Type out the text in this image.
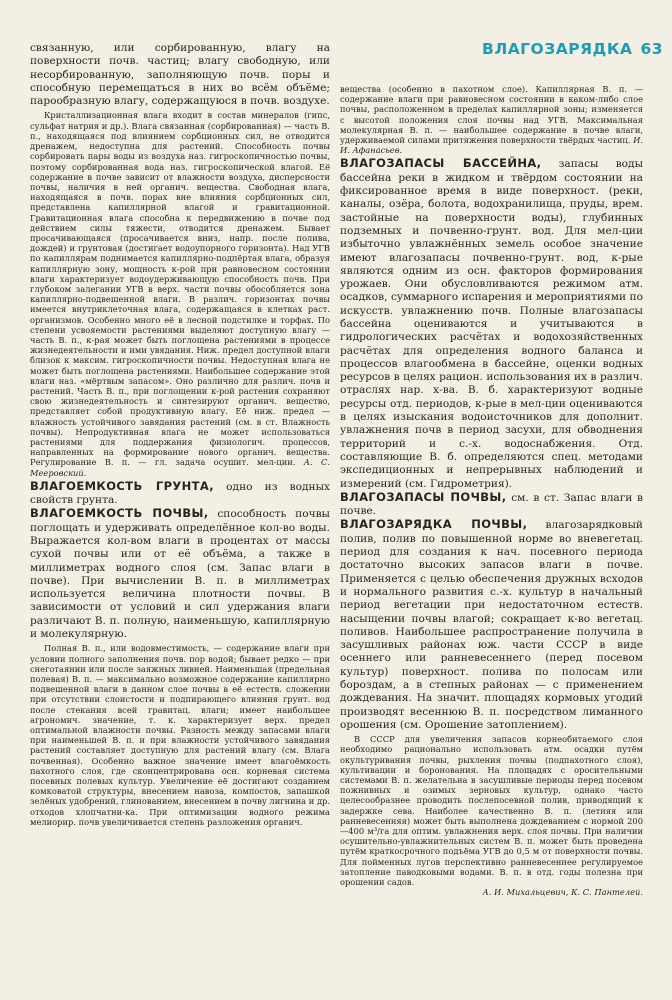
ВЛАГОЗАРЯДКА 63

связанную, или сорбированную, влагу на поверхности почв. частиц; влагу свободную, или несорбированную, заполняющую почв. поры и способную перемещаться в них во всём объёме; парообразную влагу, содержащуюся в почв. воздухе.

Кристаллизационная влага входит в состав минералов (гипс, сульфат натрия и др.). Влага связанная (сорбированная) — часть В. п., находящаяся под влиянием сорбционных сил, не отводится дренажем, недоступна для растений. Способность почвы сорбировать пары воды из воздуха наз. гигроскопичностью почвы, поэтому сорбированная вода наз. гигроскопической влагой. Её содержание в почве зависит от влажности воздуха, дисперсности почвы, наличия в ней органич. вещества. Свободная влага, находящаяся в почв. порах вне влияния сорбционных сил, представлена капиллярной влагой и гравитационной. Гравитационная влага способна к передвижению в почве под действием силы тяжести, отводится дренажем. Бывает просачивающаяся (просачивается вниз, напр. после полива, дождей) и грунтовая (достигает водоупорного горизонта). Над УГВ по капиллярам поднимается капиллярно-подпёртая влага, образуя капиллярную зону, мощность к-рой при равновесном состоянии влаги характеризует водоудерживающую способность почв. При глубоком залегании УГВ в верх. части почвы обособляется зона капиллярно-подвешенной влаги. В различ. горизонтах почвы имеется внутриклеточная влага, содержащаяся в клетках раст. организмов. Особенно много её в лесной подстилке и торфах. По степени усвояемости растениями выделяют доступную влагу — часть В. п., к-рая может быть поглощена растениями в процессе жизнедеятельности и ими увядания. Ниж. предел доступной влаги близок к максим. гигроскопичности почвы. Недоступная влага не может быть поглощена растениями. Наибольшее содержание этой влаги наз. «мёртвым запасом». Оно различно для различ. почв и растений. Часть В. п., при поглощении к-рой растения сохраняют свою жизнедеятельность и синтезируют органич. вещество, представляет собой продуктивную влагу. Её ниж. предел — влажность устойчивого завядания растений (см. в ст. Влажность почвы). Непродуктивная влага не может использоваться растениями для поддержания физиологич. процессов, направленных на формирование нового органич. вещества. Регулирование В. п. — гл. задача осушит. мел-ции. А. С. Мееровский.

ВЛАГОЕМКОСТЬ ГРУНТА, одно из водных свойств грунта.

ВЛАГОЕМКОСТЬ ПОЧВЫ, способность почвы поглощать и удерживать определённое кол-во воды. Выражается кол-вом влаги в процентах от массы сухой почвы или от её объёма, а также в миллиметрах водного слоя (см. Запас влаги в почве). При вычислении В. п. в миллиметрах используется величина плотности почвы. В зависимости от условий и сил удержания влаги различают В. п. полную, наименьшую, капиллярную и молекулярную.

Полная В. п., или водовмеcтимость, — содержание влаги при условии полного заполнения почв. пор водой; бывает редко — при снеготаянии или после заяжных ливней. Наименьшая (предельная полевая) В. п. — максимально возможное содержание капиллярно подвешенной влаги в данном слое почвы в её естеств. сложении при отсутствии слоистости и подпирающего влияния грунт. вод после стекания всей гравитац. влаги; имеет наибольшее агрономич. значение, т. к. характеризует верх. предел оптимальной влажности почвы. Разность между запасами влаги при наименьшей В. п. и при влажности устойчивого завядания растений составляет доступную для растений влагу (см. Влага почвенная). Особенно важное значение имеет влагоёмкость пахотного слоя, где сконцентрирована осн. корневая система посевных полевых культур. Увеличение её достигают созданием комковатой структуры, внесением навоза, компостов, запашкой зелёных удобрений, глинованием, внесением в почву лигнина и др. отходов хлопчатни-ка. При оптимизации водного режима мелиорир. почв увеличивается степень разложения органич.

вещества (особенно в пахотном слое). Капиллярная В. п. — содержание влаги при равновесном состоянии в каком-либо слое почвы, расположенном в пределах капиллярной зоны; изменяется с высотой положения слоя почвы над УГВ. Максимальная молекулярная В. п. — наибольшее содержание в почве влаги, удерживаемой силами притяжения поверхности твёрдых частиц. И. И. Афанасьев.

ВЛАГОЗАПАСЫ БАССЕЙНА, запасы воды бассейна реки в жидком и твёрдом состоянии на фиксированное время в виде поверхност. (реки, каналы, озёра, болота, водохранилища, пруды, врем. застойные на поверхности воды), глубинных подземных и почвенно-грунт. вод. Для мел-ции избыточно увлажнённых земель особое значение имеют влагозапасы почвенно-грунт. вод, к-рые являются одним из осн. факторов формирования урожаев. Они обусловливаются режимом атм. осадков, суммарного испарения и мероприятиями по искусств. увлажнению почв. Полные влагозапасы бассейна оцениваются и учитываются в гидрологических расчётах и водохозяйственных расчётах для определения водного баланса и процессов влагообмена в бассейне, оценки водных ресурсов в целях рацион. использования их в различ. отраслях нар. х-ва. В. б. характеризуют водные ресурсы отд. периодов, к-рые в мел-ции оцениваются в целях изыскания водоисточников для дополнит. увлажнения почв в период засухи, для обводнения территорий и с.-х. водоснабжения. Отд. составляющие В. б. определяются спец. методами экспедиционных и непрерывных наблюдений и измерений (см. Гидрометрия).

ВЛАГОЗАПАСЫ ПОЧВЫ, см. в ст. Запас влаги в почве.

ВЛАГОЗАРЯДКА ПОЧВЫ, влагозарядковый полив, полив по повышенной норме во вневегетац. период для создания к нач. посевного периода достаточно высоких запасов влаги в почве. Применяется с целью обеспечения дружных всходов и нормального развития с.-х. культур в начальный период вегетации при недостаточном естеств. насыщении почвы влагой; сокращает к-во вегетац. поливов. Наибольшее распространение получила в засушливых районах юж. части СССР в виде осеннего или ранневесеннего (перед посевом культур) поверхност. полива по полосам или бороздам, а в степных районах — с применением дождевания. На значит. площадях кормовых угодий производят весеннюю В. п. посредством лиманного орошения (см. Орошение затоплением).

В СССР для увеличения запасов корнеобитаемого слоя необходимо рационально использовать атм. осадки путём окультуривания почвы, рыхления почвы (подпахотного слоя), культивации и боронования. На площадях с оросительными системами В. п. желательна в засушливые периоды перед посевом пожнивных и озимых зерновых культур, однако часто целесообразнее проводить послепосевной полив, приводящий к задержке сева. Наиболее качественно В. п. (летняя или ранневесенняя) может быть выполнена дождеванием с нормой 200—400 м³/га для оптим. увлажнения верх. слоя почвы. При наличии осушительно-увлажнительных систем В. п. может быть проведена путём краткосрочного подъёма УГВ до 0,5 м от поверхности почвы. Для пойменных лугов перспективно ранневесеннее регулируемое затопление паводковыми водами. В. п. в отд. годы полезна при орошении садов.

А. И. Михальцевич, К. С. Пантелей.
